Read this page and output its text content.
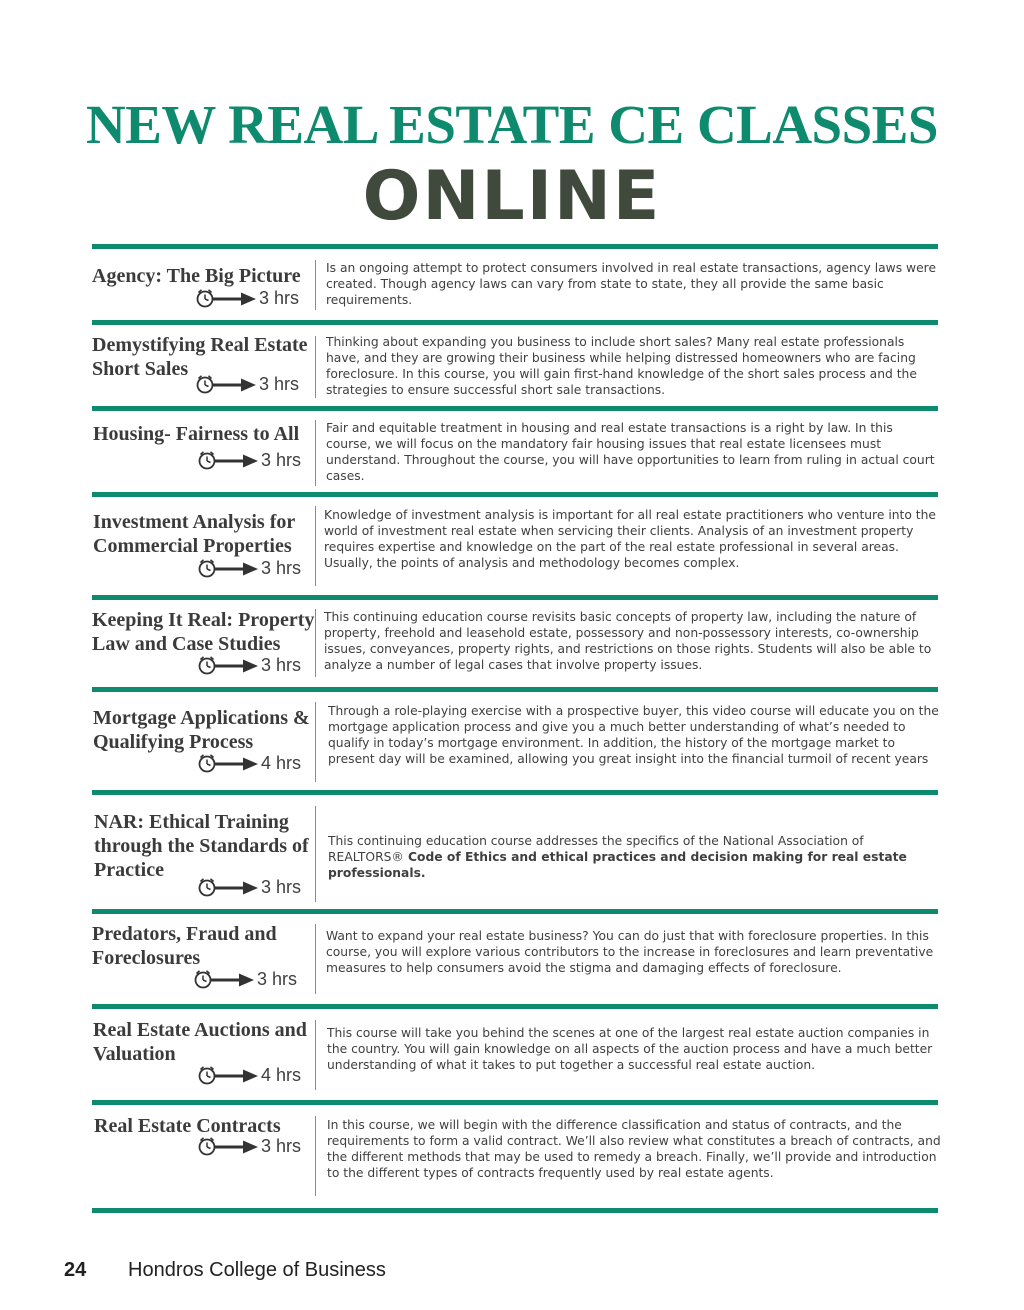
NEW REAL ESTATE CE CLASSES
ONLINE
Agency: The Big Picture
3 hrs

Is an ongoing attempt to protect consumers involved in real estate transactions, agency laws were created. Though agency laws can vary from state to state, they all provide the same basic requirements.

Demystifying Real Estate Short Sales
3 hrs

Thinking about expanding you business to include short sales? Many real estate professionals have, and they are growing their business while helping distressed homeowners who are facing foreclosure. In this course, you will gain first-hand knowledge of the short sales process and the strategies to ensure successful short sale transactions.

Housing- Fairness to All
3 hrs

Fair and equitable treatment in housing and real estate transactions is a right by law. In this course, we will focus on the mandatory fair housing issues that real estate licensees must understand. Throughout the course, you will have opportunities to learn from ruling in actual court cases.

Investment Analysis for Commercial Properties
3 hrs

Knowledge of investment analysis is important for all real estate practitioners who venture into the world of investment real estate when servicing their clients. Analysis of an investment property requires expertise and knowledge on the part of the real estate professional in several areas. Usually, the points of analysis and methodology becomes complex.

Keeping It Real: Property Law and Case Studies
3 hrs

This continuing education course revisits basic concepts of property law, including the nature of property, freehold and leasehold estate, possessory and non-possessory interests, co-ownership issues, conveyances, property rights, and restrictions on those rights. Students will also be able to analyze a number of legal cases that involve property issues.

Mortgage Applications & Qualifying Process
4 hrs

Through a role-playing exercise with a prospective buyer, this video course will educate you on the mortgage application process and give you a much better understanding of what’s needed to qualify in today’s mortgage environment. In addition, the history of the mortgage market to present day will be examined, allowing you great insight into the financial turmoil of recent years

NAR: Ethical Training through the Standards of Practice
3 hrs

This continuing education course addresses the specifics of the National Association of REALTORS® Code of Ethics and ethical practices and decision making for real estate professionals.

Predators, Fraud and Foreclosures
3 hrs

Want to expand your real estate business? You can do just that with foreclosure properties. In this course, you will explore various contributors to the increase in foreclosures and learn preventative measures to help consumers avoid the stigma and damaging effects of foreclosure.

Real Estate Auctions and Valuation
4 hrs

This course will take you behind the scenes at one of the largest real estate auction companies in the country. You will gain knowledge on all aspects of the auction process and have a much better understanding of what it takes to put together a successful real estate auction.

Real Estate Contracts
3 hrs

In this course, we will begin with the difference classification and status of contracts, and the requirements to form a valid contract. We’ll also review what constitutes a breach of contracts, and the different methods that may be used to remedy a breach. Finally, we’ll provide and introduction to the different types of contracts frequently used by real estate agents.

24 Hondros College of Business
